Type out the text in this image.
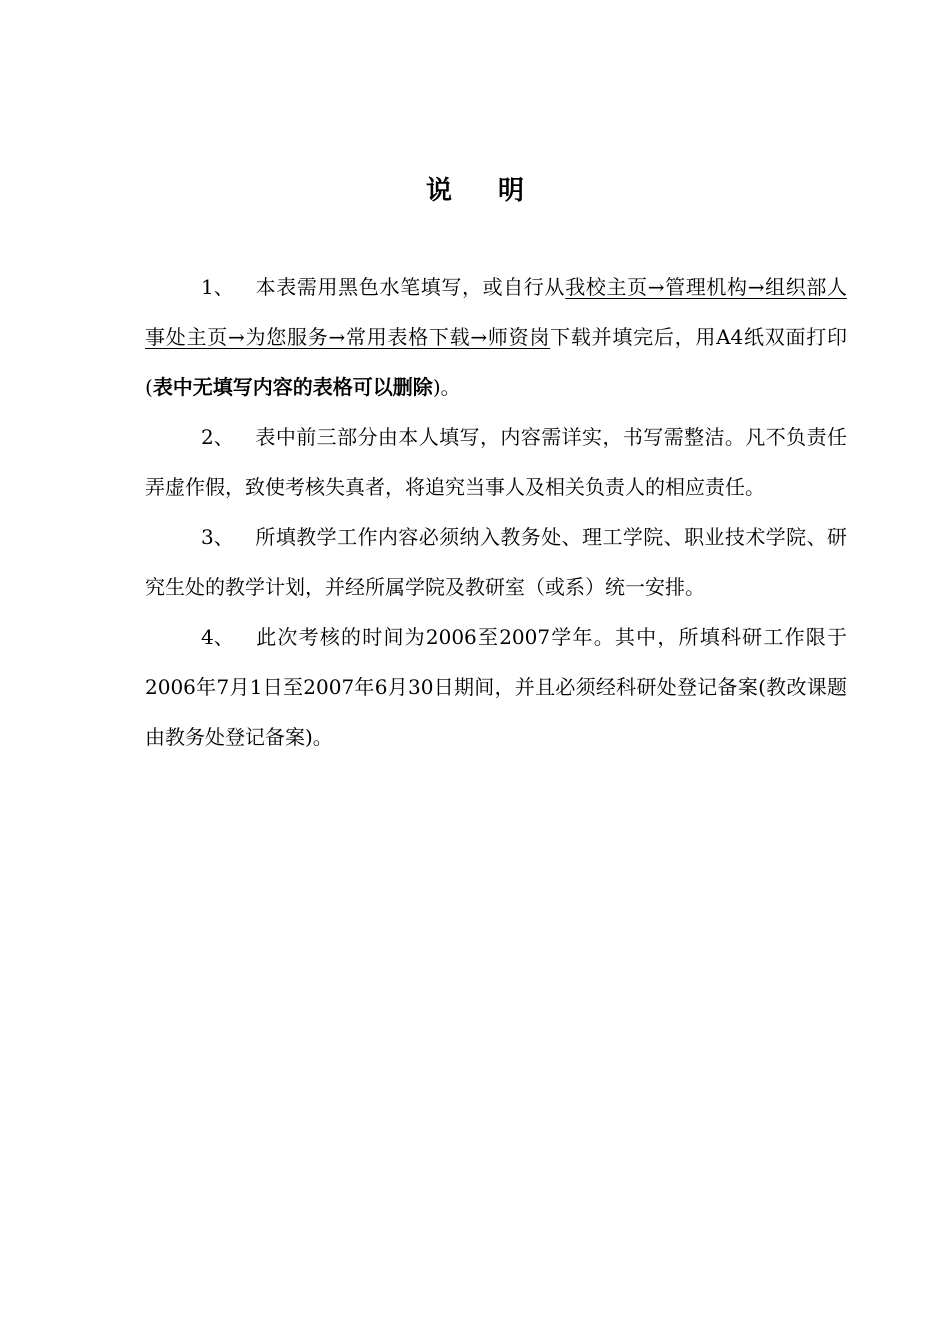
说 明

1、 本表需用黑色水笔填写，或自行从我校主页→管理机构→组织部人事处主页→为您服务→常用表格下载→师资岗下载并填完后，用A4纸双面打印(表中无填写内容的表格可以删除)。

2、 表中前三部分由本人填写，内容需详实，书写需整洁。凡不负责任弄虚作假，致使考核失真者，将追究当事人及相关负责人的相应责任。

3、 所填教学工作内容必须纳入教务处、理工学院、职业技术学院、研究生处的教学计划，并经所属学院及教研室（或系）统一安排。

4、 此次考核的时间为2006至2007学年。其中，所填科研工作限于2006年7月1日至2007年6月30日期间，并且必须经科研处登记备案(教改课题由教务处登记备案)。
